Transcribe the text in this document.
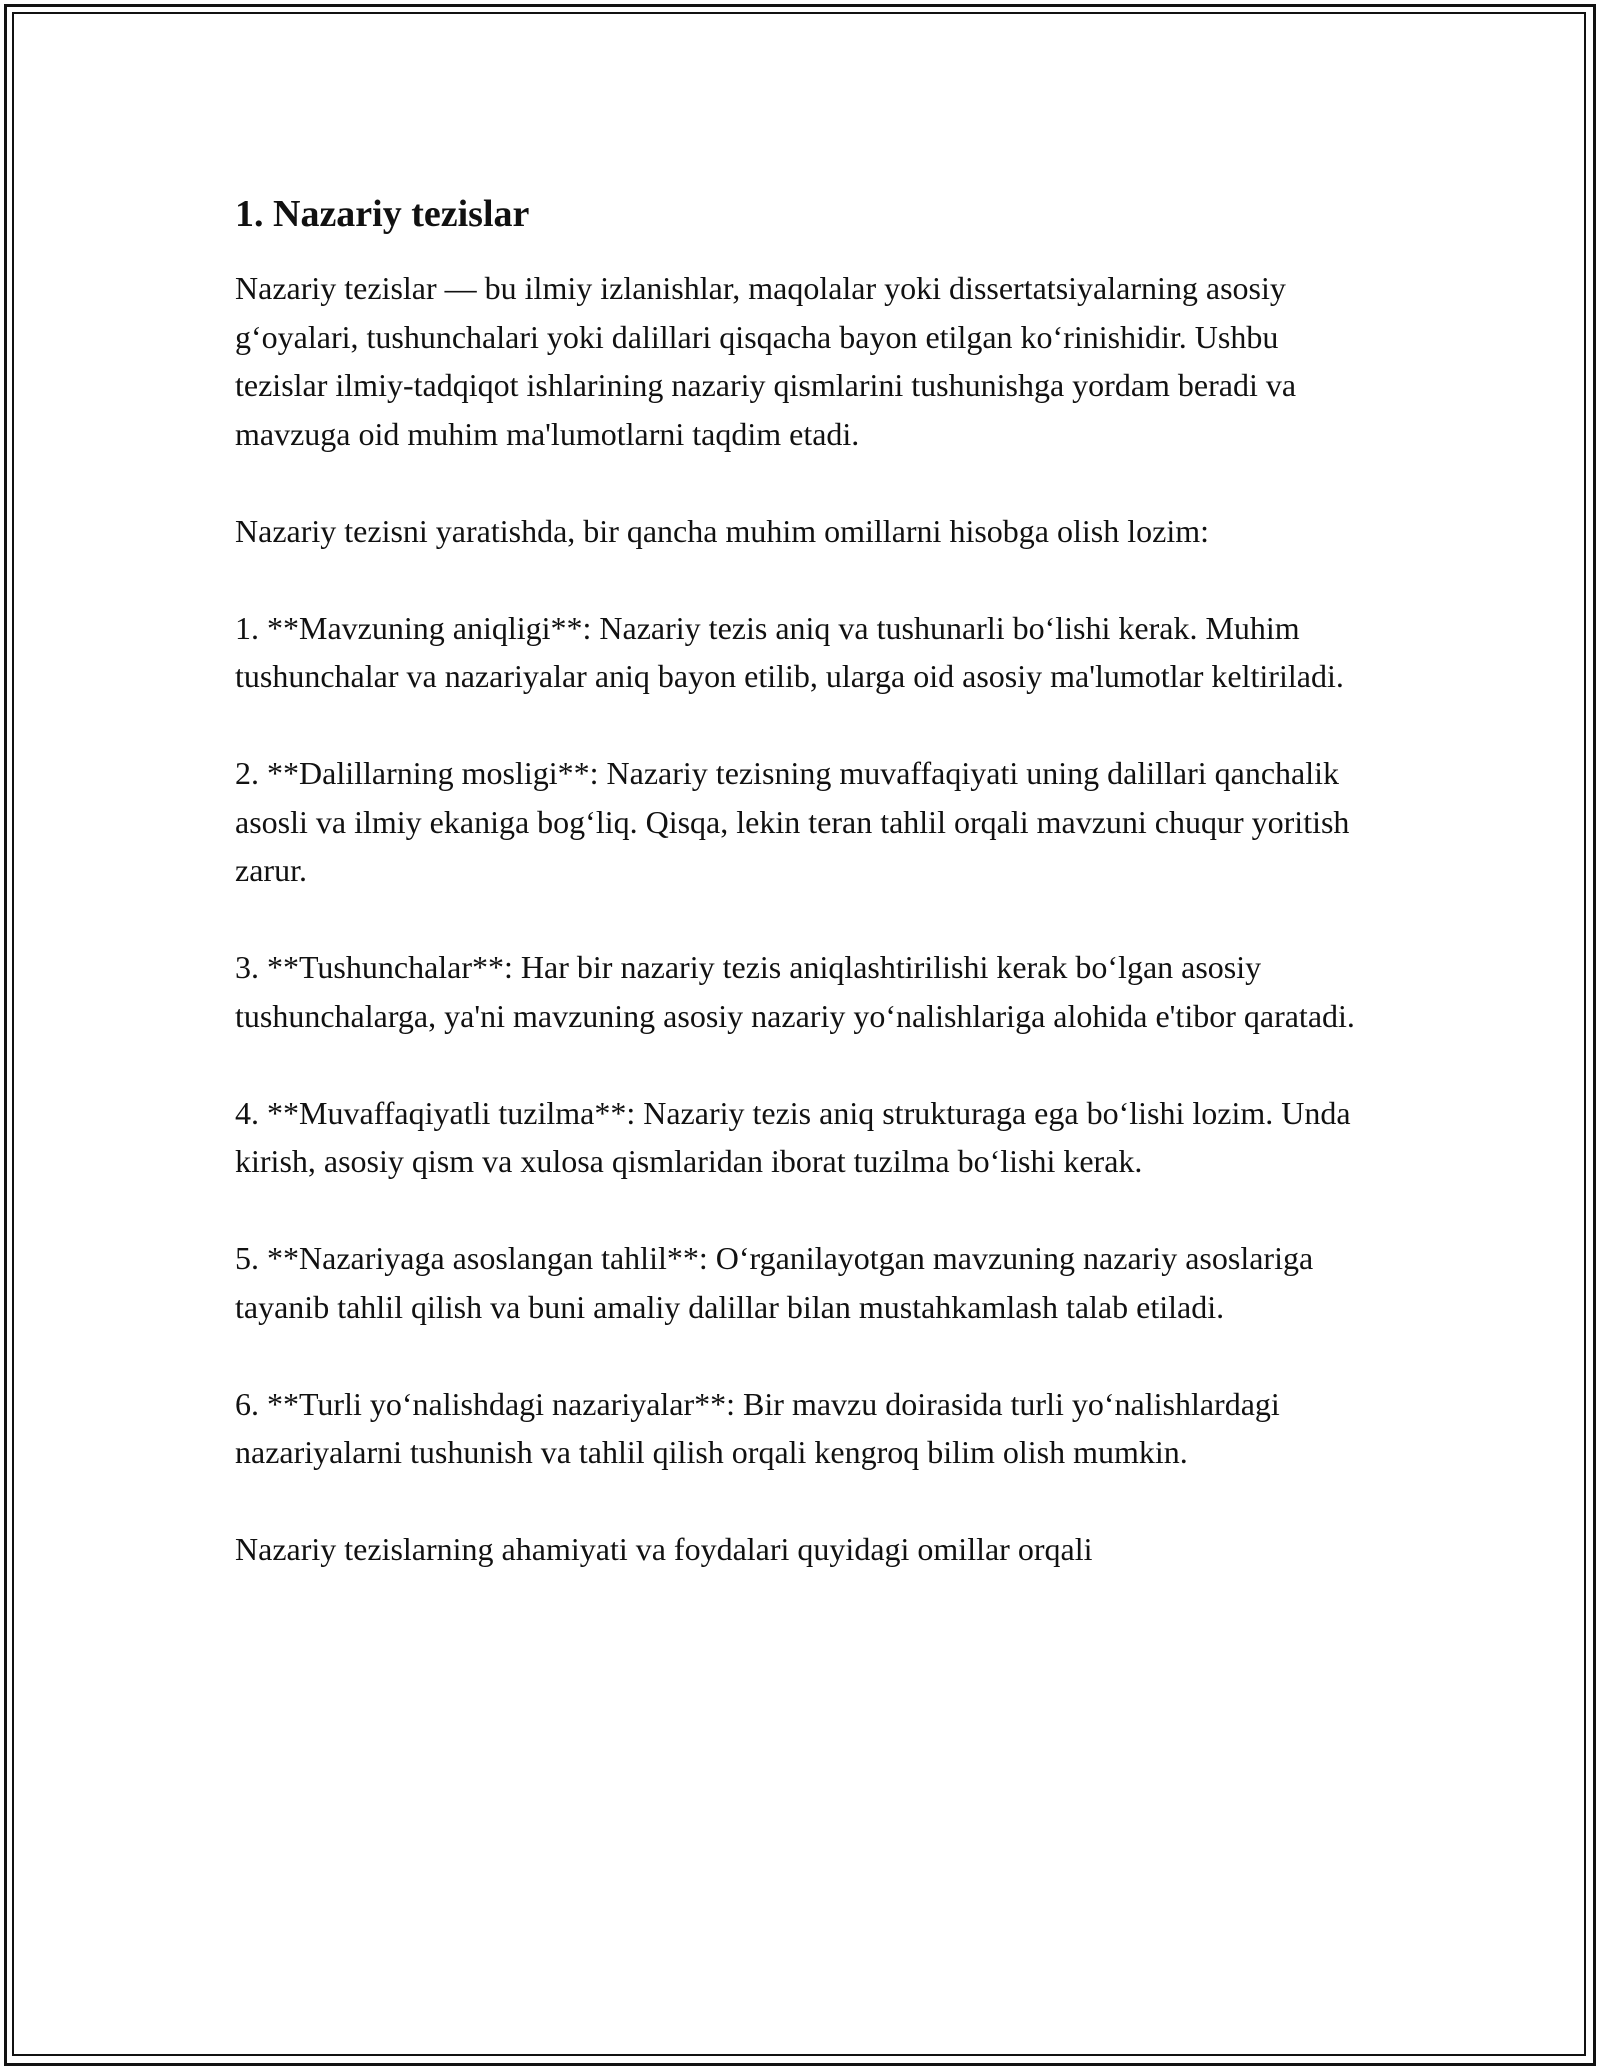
1. Nazariy tezislar

Nazariy tezislar — bu ilmiy izlanishlar, maqolalar yoki dissertatsiyalarning asosiy g‘oyalari, tushunchalari yoki dalillari qisqacha bayon etilgan ko‘rinishidir. Ushbu tezislar ilmiy-tadqiqot ishlarining nazariy qismlarini tushunishga yordam beradi va mavzuga oid muhim ma'lumotlarni taqdim etadi.

Nazariy tezisni yaratishda, bir qancha muhim omillarni hisobga olish lozim:

1. **Mavzuning aniqligi**: Nazariy tezis aniq va tushunarli bo‘lishi kerak. Muhim tushunchalar va nazariyalar aniq bayon etilib, ularga oid asosiy ma'lumotlar keltiriladi.

2. **Dalillarning mosligi**: Nazariy tezisning muvaffaqiyati uning dalillari qanchalik asosli va ilmiy ekaniga bog‘liq. Qisqa, lekin teran tahlil orqali mavzuni chuqur yoritish zarur.

3. **Tushunchalar**: Har bir nazariy tezis aniqlashtirilishi kerak bo‘lgan asosiy tushunchalarga, ya'ni mavzuning asosiy nazariy yo‘nalishlariga alohida e'tibor qaratadi.

4. **Muvaffaqiyatli tuzilma**: Nazariy tezis aniq strukturaga ega bo‘lishi lozim. Unda kirish, asosiy qism va xulosa qismlaridan iborat tuzilma bo‘lishi kerak.

5. **Nazariyaga asoslangan tahlil**: O‘rganilayotgan mavzuning nazariy asoslariga tayanib tahlil qilish va buni amaliy dalillar bilan mustahkamlash talab etiladi.

6. **Turli yo‘nalishdagi nazariyalar**: Bir mavzu doirasida turli yo‘nalishlardagi nazariyalarni tushunish va tahlil qilish orqali kengroq bilim olish mumkin.

Nazariy tezislarning ahamiyati va foydalari quyidagi omillar orqali
